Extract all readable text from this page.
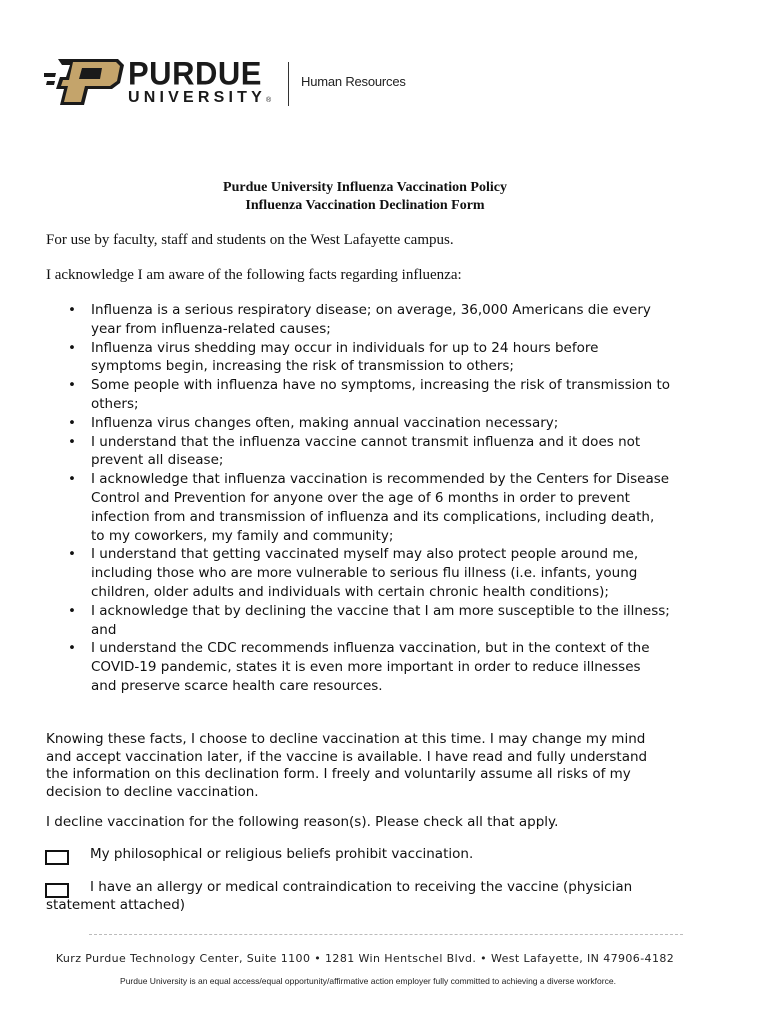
PURDUE
UNIVERSITY®
Human Resources
Purdue University Influenza Vaccination Policy
Influenza Vaccination Declination Form
For use by faculty, staff and students on the West Lafayette campus.
I acknowledge I am aware of the following facts regarding influenza:
• Influenza is a serious respiratory disease; on average, 36,000 Americans die every
year from influenza-related causes;
• Influenza virus shedding may occur in individuals for up to 24 hours before
symptoms begin, increasing the risk of transmission to others;
• Some people with influenza have no symptoms, increasing the risk of transmission to
others;
• Influenza virus changes often, making annual vaccination necessary;
• I understand that the influenza vaccine cannot transmit influenza and it does not
prevent all disease;
• I acknowledge that influenza vaccination is recommended by the Centers for Disease
Control and Prevention for anyone over the age of 6 months in order to prevent
infection from and transmission of influenza and its complications, including death,
to my coworkers, my family and community;
• I understand that getting vaccinated myself may also protect people around me,
including those who are more vulnerable to serious flu illness (i.e. infants, young
children, older adults and individuals with certain chronic health conditions);
• I acknowledge that by declining the vaccine that I am more susceptible to the illness;
and
• I understand the CDC recommends influenza vaccination, but in the context of the
COVID-19 pandemic, states it is even more important in order to reduce illnesses
and preserve scarce health care resources.
Knowing these facts, I choose to decline vaccination at this time. I may change my mind
and accept vaccination later, if the vaccine is available. I have read and fully understand
the information on this declination form. I freely and voluntarily assume all risks of my
decision to decline vaccination.
I decline vaccination for the following reason(s). Please check all that apply.
My philosophical or religious beliefs prohibit vaccination.
I have an allergy or medical contraindication to receiving the vaccine (physician
statement attached)
Kurz Purdue Technology Center, Suite 1100 • 1281 Win Hentschel Blvd. • West Lafayette, IN 47906-4182
Purdue University is an equal access/equal opportunity/affirmative action employer fully committed to achieving a diverse workforce.
